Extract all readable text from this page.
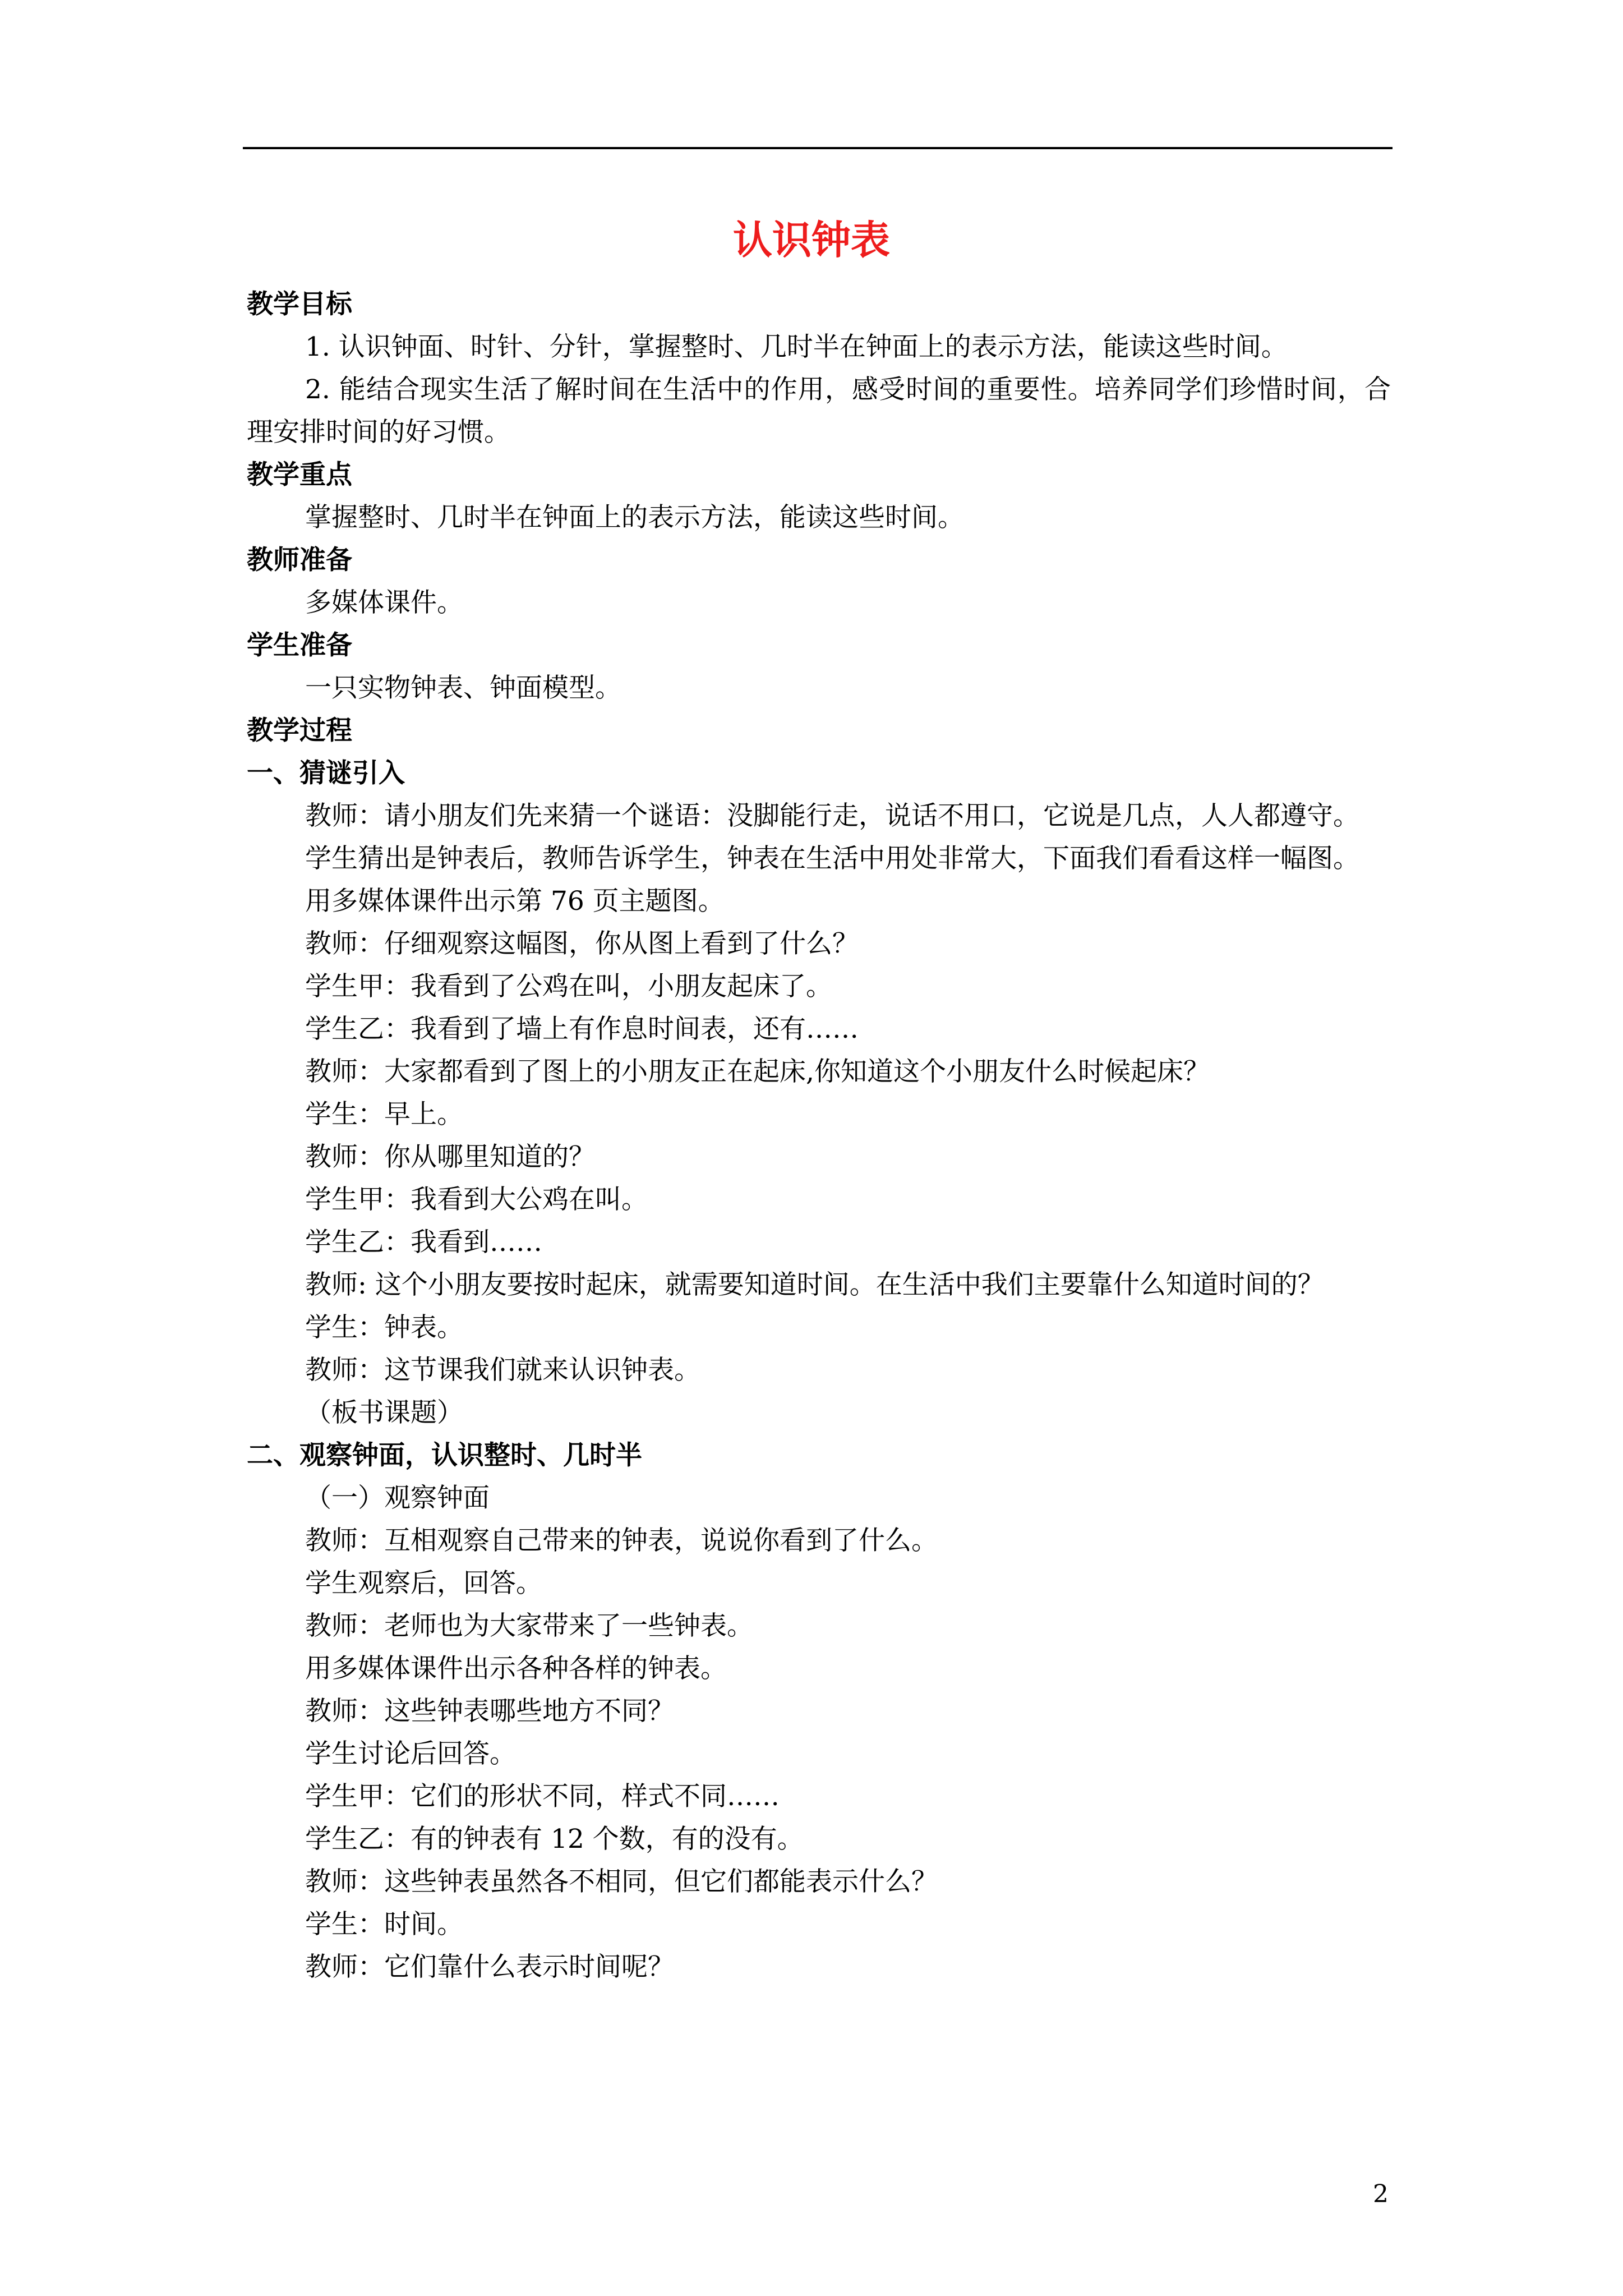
认识钟表

教学目标

1. 认识钟面、时针、分针，掌握整时、几时半在钟面上的表示方法，能读这些时间。

2. 能结合现实生活了解时间在生活中的作用，感受时间的重要性。培养同学们珍惜时间，合理安排时间的好习惯。

教学重点

掌握整时、几时半在钟面上的表示方法，能读这些时间。

教师准备

多媒体课件。

学生准备

一只实物钟表、钟面模型。

教学过程

一、猜谜引入

教师：请小朋友们先来猜一个谜语：没脚能行走，说话不用口，它说是几点，人人都遵守。

学生猜出是钟表后，教师告诉学生，钟表在生活中用处非常大，下面我们看看这样一幅图。

用多媒体课件出示第 76 页主题图。

教师：仔细观察这幅图，你从图上看到了什么？

学生甲：我看到了公鸡在叫，小朋友起床了。

学生乙：我看到了墙上有作息时间表，还有……

教师：大家都看到了图上的小朋友正在起床,你知道这个小朋友什么时候起床？

学生：早上。

教师：你从哪里知道的？

学生甲：我看到大公鸡在叫。

学生乙：我看到……

教师: 这个小朋友要按时起床，就需要知道时间。在生活中我们主要靠什么知道时间的？

学生：钟表。

教师：这节课我们就来认识钟表。

（板书课题）

二、观察钟面，认识整时、几时半

（一）观察钟面

教师：互相观察自己带来的钟表，说说你看到了什么。

学生观察后，回答。

教师：老师也为大家带来了一些钟表。

用多媒体课件出示各种各样的钟表。

教师：这些钟表哪些地方不同？

学生讨论后回答。

学生甲：它们的形状不同，样式不同……

学生乙：有的钟表有 12 个数，有的没有。

教师：这些钟表虽然各不相同，但它们都能表示什么？

学生：时间。

教师：它们靠什么表示时间呢？

2
